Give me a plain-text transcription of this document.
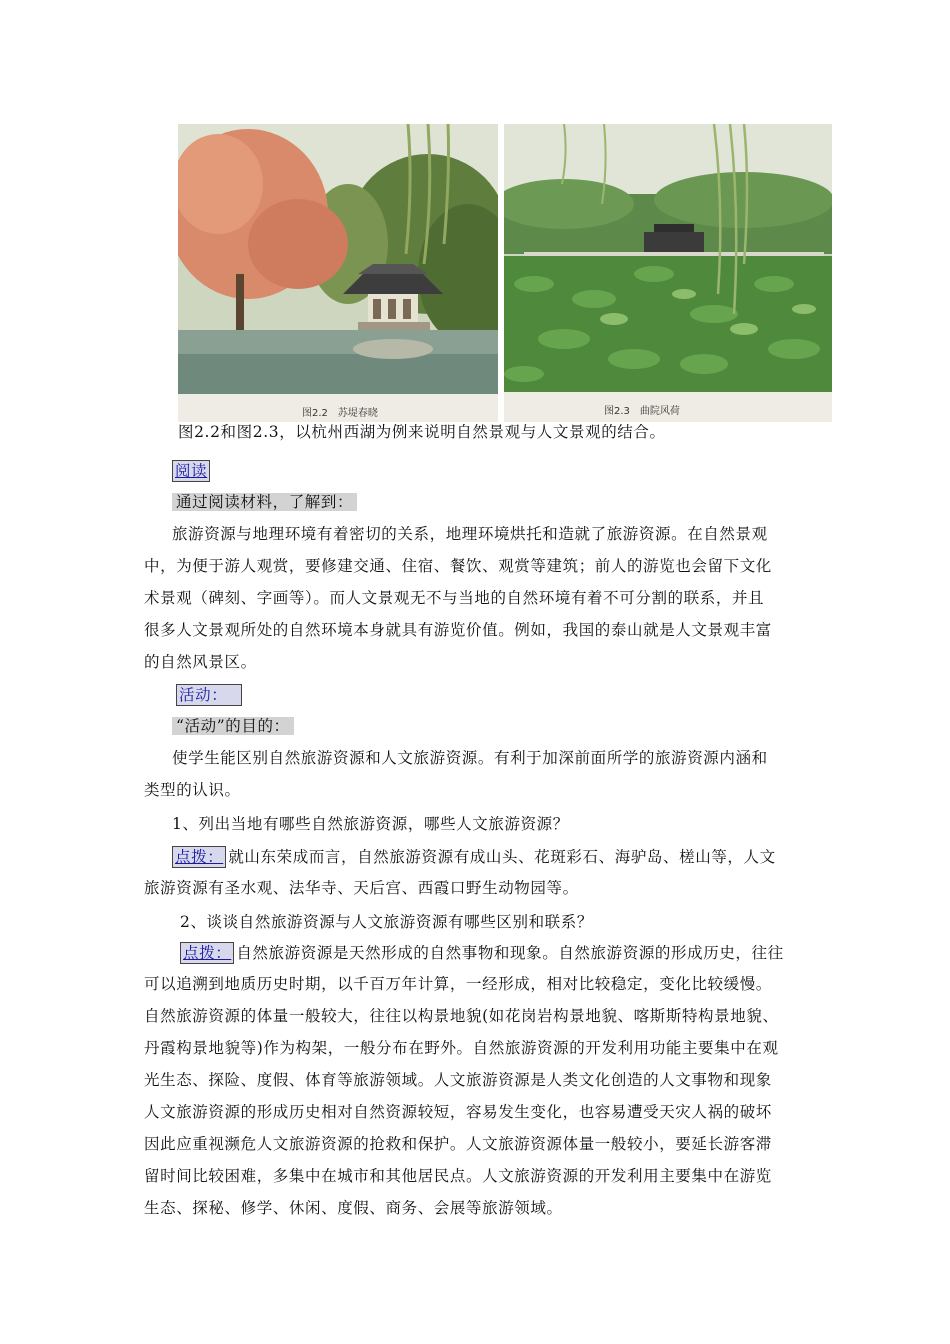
图2.2　苏堤春晓	图2.3　曲院风荷
图2.2和图2.3，以杭州西湖为例来说明自然景观与人文景观的结合。
阅读
通过阅读材料，了解到：
旅游资源与地理环境有着密切的关系，地理环境烘托和造就了旅游资源。在自然景观
中，为便于游人观赏，要修建交通、住宿、餐饮、观赏等建筑；前人的游览也会留下文化
术景观（碑刻、字画等）。而人文景观无不与当地的自然环境有着不可分割的联系，并且
很多人文景观所处的自然环境本身就具有游览价值。例如，我国的泰山就是人文景观丰富
的自然风景区。
活动：
“活动”的目的：
使学生能区别自然旅游资源和人文旅游资源。有利于加深前面所学的旅游资源内涵和
类型的认识。
1、列出当地有哪些自然旅游资源，哪些人文旅游资源？
点拨： 就山东荣成而言，自然旅游资源有成山头、花斑彩石、海驴岛、槎山等，人文
旅游资源有圣水观、法华寺、天后宫、西霞口野生动物园等。
2、谈谈自然旅游资源与人文旅游资源有哪些区别和联系？
点拨： 自然旅游资源是天然形成的自然事物和现象。自然旅游资源的形成历史，往往
可以追溯到地质历史时期，以千百万年计算，一经形成，相对比较稳定，变化比较缓慢。
自然旅游资源的体量一般较大，往往以构景地貌(如花岗岩构景地貌、喀斯斯特构景地貌、
丹霞构景地貌等)作为构架，一般分布在野外。自然旅游资源的开发利用功能主要集中在观
光生态、探险、度假、体育等旅游领域。人文旅游资源是人类文化创造的人文事物和现象
人文旅游资源的形成历史相对自然资源较短，容易发生变化，也容易遭受天灾人祸的破坏
因此应重视濒危人文旅游资源的抢救和保护。人文旅游资源体量一般较小，要延长游客滞
留时间比较困难，多集中在城市和其他居民点。人文旅游资源的开发利用主要集中在游览
生态、探秘、修学、休闲、度假、商务、会展等旅游领域。
